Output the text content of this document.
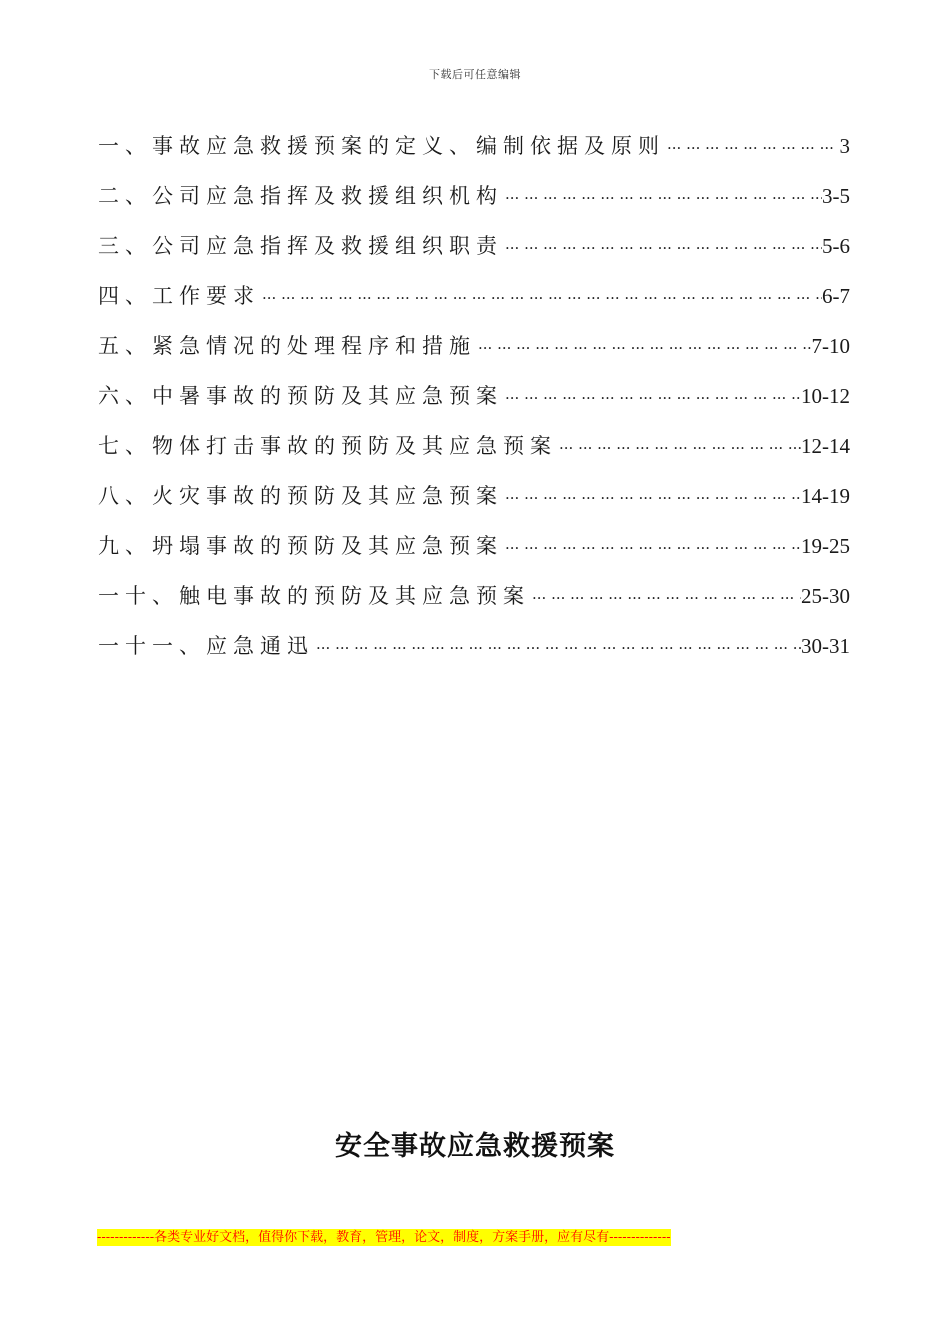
下载后可任意编辑
一、事故应急救援预案的定义、编制依据及原则 ··· ·	3
二、公司应急指挥及救援组织机构 ··· ·	3-5
三、公司应急指挥及救援组织职责 ··· ·	5-6
四、工作要求 ··· ·	6-7
五、紧急情况的处理程序和措施 ··· ·	7-10
六、中暑事故的预防及其应急预案 ··· ·	10-12
七、物体打击事故的预防及其应急预案 ··· ·	12-14
八、火灾事故的预防及其应急预案 ··· ·	14-19
九、坍塌事故的预防及其应急预案 ··· ·	19-25
一十、触电事故的预防及其应急预案 ··· ·	25-30
一十一、应急通迅 ··· ·	30-31
安全事故应急救援预案
-------------各类专业好文档，值得你下载，教育，管理，论文，制度，方案手册，应有尽有--------------
